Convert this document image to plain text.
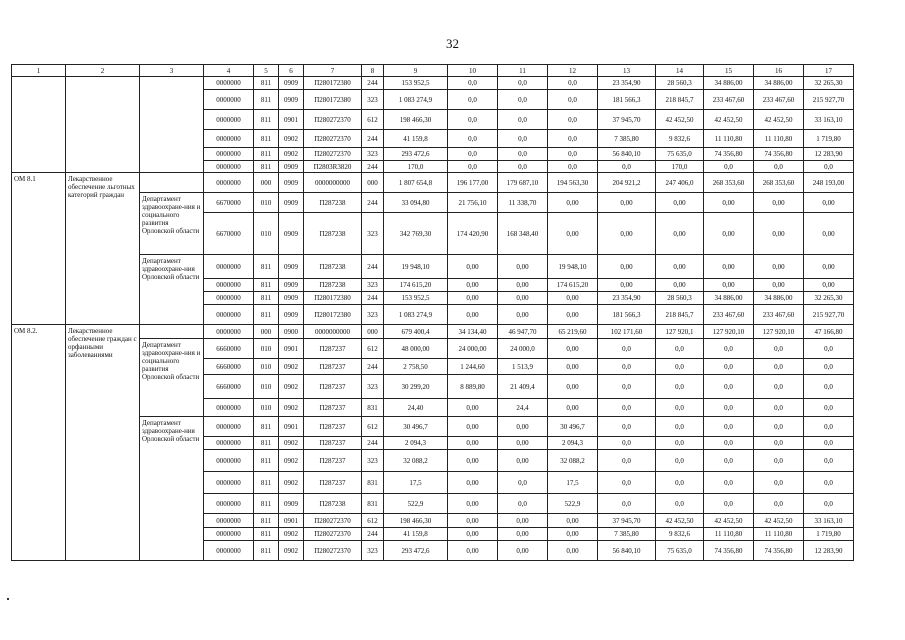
32
1	2	3	4	5	6	7	8	9	10	11	12	13	14	15	16	17
			0000000	811	0909	П280172380	244	153 952,5	0,0	0,0	0,0	23 354,90	28 560,3	34 886,00	34 886,00	32 265,30
			0000000	811	0909	П280172380	323	1 083 274,9	0,0	0,0	0,0	181 566,3	218 845,7	233 467,60	233 467,60	215 927,70
			0000000	811	0901	П280272370	612	198 466,30	0,0	0,0	0,0	37 945,70	42 452,50	42 452,50	42 452,50	33 163,10
			0000000	811	0902	П280272370	244	41 159,8	0,0	0,0	0,0	7 385,80	9 832,6	11 110,80	11 110,80	1 719,80
			0000000	811	0902	П280272370	323	293 472,6	0,0	0,0	0,0	56 840,10	75 635,0	74 356,80	74 356,80	12 283,90
			0000000	811	0909	П2803R3820	244	170,0	0,0	0,0	0,0	0,0	170,0	0,0	0,0	0,0
ОМ 8.1	Лекарственное обеспечение льготных категорий граждан		0000000	000	0909	0000000000	000	1 807 654,8	196 177,00	179 687,10	194 563,30	204 921,2	247 406,0	268 353,60	268 353,60	248 193,00
		Департамент здравоохране-ния и социального развития Орловской области	6670000	010	0909	П287238	244	33 094,80	21 756,10	11 338,70	0,00	0,00	0,00	0,00	0,00	0,00
			6670000	010	0909	П287238	323	342 769,30	174 420,90	168 348,40	0,00	0,00	0,00	0,00	0,00	0,00
		Департамент здравоохране-ния Орловской области	0000000	811	0909	П287238	244	19 948,10	0,00	0,00	19 948,10	0,00	0,00	0,00	0,00	0,00
			0000000	811	0909	П287238	323	174 615,20	0,00	0,00	174 615,20	0,00	0,00	0,00	0,00	0,00
			0000000	811	0909	П280172380	244	153 952,5	0,00	0,00	0,00	23 354,90	28 560,3	34 886,00	34 886,00	32 265,30
			0000000	811	0909	П280172380	323	1 083 274,9	0,00	0,00	0,00	181 566,3	218 845,7	233 467,60	233 467,60	215 927,70
ОМ 8.2.	Лекарственное обеспечение граждан с орфанными заболеваниями		0000000	000	0900	0000000000	000	679 400,4	34 134,40	46 947,70	65 219,60	102 171,60	127 920,1	127 920,10	127 920,10	47 166,80
		Департамент здравоохране-ния и социального развития Орловской области	6660000	010	0901	П287237	612	48 000,00	24 000,00	24 000,0	0,00	0,0	0,0	0,0	0,0	0,0
			6660000	010	0902	П287237	244	2 758,50	1 244,60	1 513,9	0,00	0,0	0,0	0,0	0,0	0,0
			6660000	010	0902	П287237	323	30 299,20	8 889,80	21 409,4	0,00	0,0	0,0	0,0	0,0	0,0
			0000000	010	0902	П287237	831	24,40	0,00	24,4	0,00	0,0	0,0	0,0	0,0	0,0
		Департамент здравоохране-ния Орловской области	0000000	811	0901	П287237	612	30 496,7	0,00	0,00	30 496,7	0,0	0,0	0,0	0,0	0,0
			0000000	811	0902	П287237	244	2 094,3	0,00	0,00	2 094,3	0,0	0,0	0,0	0,0	0,0
			0000000	811	0902	П287237	323	32 088,2	0,00	0,00	32 088,2	0,0	0,0	0,0	0,0	0,0
			0000000	811	0902	П287237	831	17,5	0,00	0,0	17,5	0,0	0,0	0,0	0,0	0,0
			0000000	811	0909	П287238	831	522,9	0,00	0,0	522,9	0,0	0,0	0,0	0,0	0,0
			0000000	811	0901	П280272370	612	198 466,30	0,00	0,00	0,00	37 945,70	42 452,50	42 452,50	42 452,50	33 163,10
			0000000	811	0902	П280272370	244	41 159,8	0,00	0,00	0,00	7 385,80	9 832,6	11 110,80	11 110,80	1 719,80
			0000000	811	0902	П280272370	323	293 472,6	0,00	0,00	0,00	56 840,10	75 635,0	74 356,80	74 356,80	12 283,90
